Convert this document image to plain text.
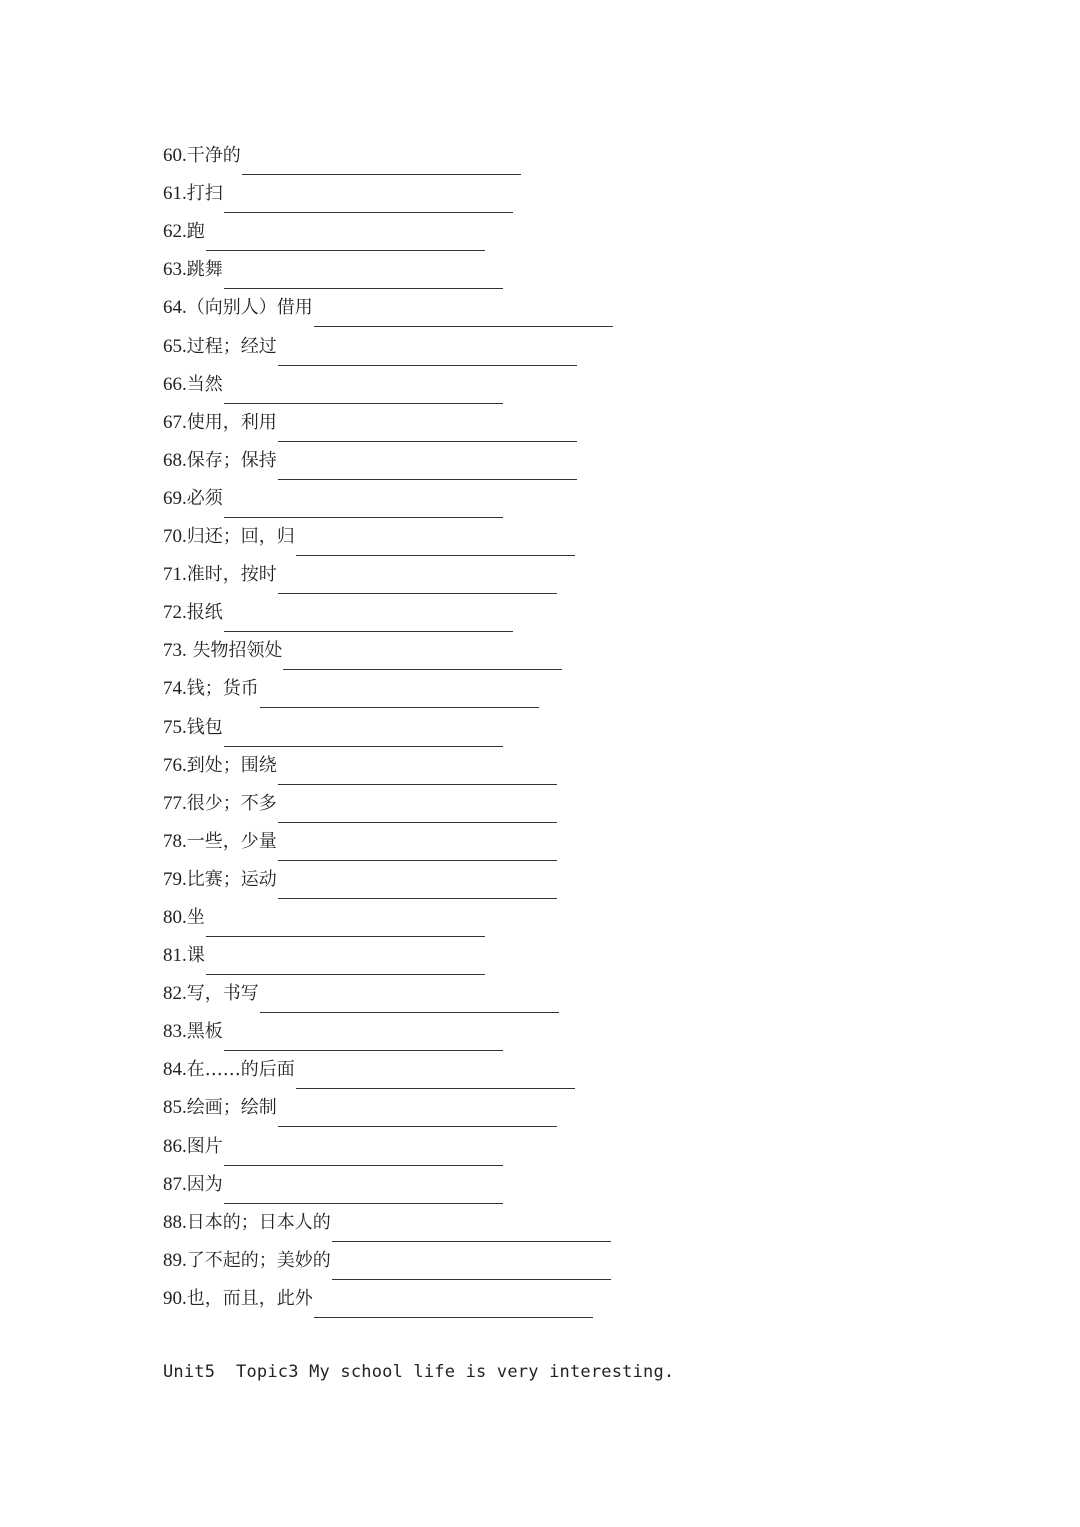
60. 干净的
61. 打扫
62. 跑
63. 跳舞
64. （向别人）借用
65. 过程；经过
66. 当然
67. 使用，利用
68. 保存；保持
69. 必须
70. 归还；回，归
71. 准时，按时
72. 报纸
73. 失物招领处
74. 钱；货币
75. 钱包
76. 到处；围绕
77. 很少；不多
78. 一些，少量
79. 比赛；运动
80. 坐
81. 课
82. 写，书写
83. 黑板
84. 在……的后面
85. 绘画；绘制
86. 图片
87. 因为
88. 日本的；日本人的
89. 了不起的；美妙的
90. 也，而且，此外
Unit5  Topic3 My school life is very interesting.
